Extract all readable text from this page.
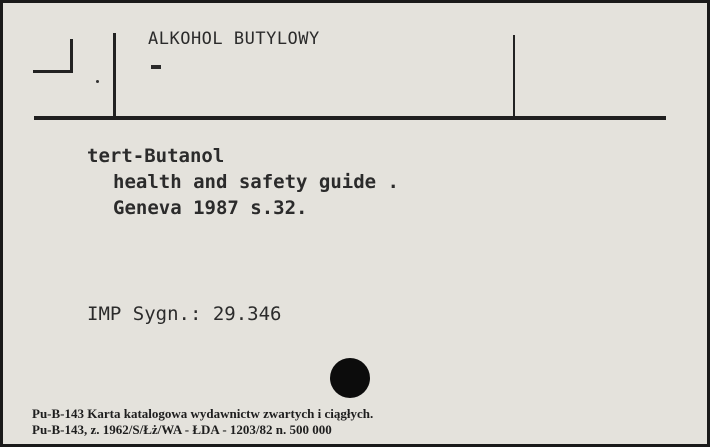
ALKOHOL BUTYLOWY
tert-Butanol
health and safety guide .
Geneva 1987 s.32.
IMP Sygn.: 29.346
Pu-B-143 Karta katalogowa wydawnictw zwartych i ciągłych.
Pu-B-143, z. 1962/S/Łż/WA - ŁDA - 1203/82 n. 500 000
